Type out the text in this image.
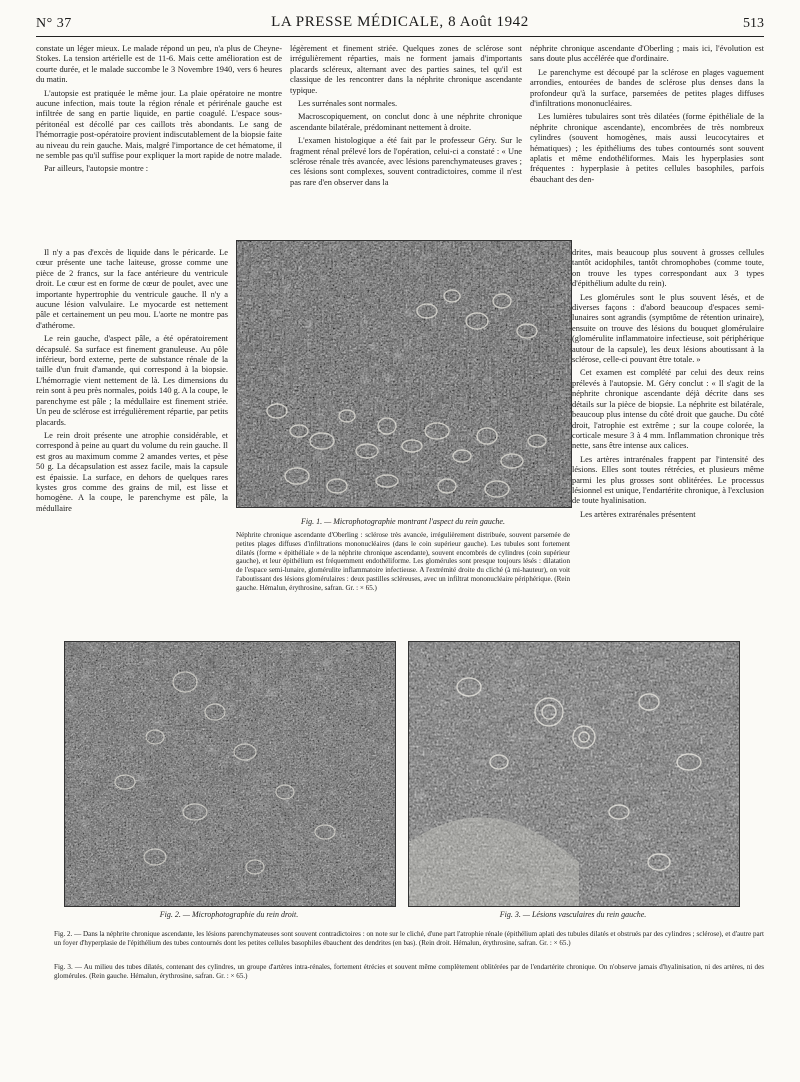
N° 37	LA PRESSE MÉDICALE, 8 Août 1942	513

constate un léger mieux. Le malade répond un peu, n'a plus de Cheyne-Stokes. La tension artérielle est de 11-6. Mais cette amélioration est de courte durée, et le malade succombe le 3 Novembre 1940, vers 6 heures du matin.

L'autopsie est pratiquée le même jour. La plaie opératoire ne montre aucune infection, mais toute la région rénale et périrénale gauche est infiltrée de sang en partie liquide, en partie coagulé. L'espace sous-péritonéal est décollé par ces caillots très abondants. Le sang de l'hémorragie post-opératoire provient indiscutablement de la biopsie faite au niveau du rein gauche. Mais, malgré l'importance de cet hématome, il ne semble pas qu'il suffise pour expliquer la mort rapide de notre malade.

Par ailleurs, l'autopsie montre :

Il n'y a pas d'excès de liquide dans le péricarde. Le cœur présente une tache laiteuse, grosse comme une pièce de 2 francs, sur la face antérieure du ventricule droit. Le cœur est en forme de cœur de poulet, avec une importante hypertrophie du ventricule gauche. Il n'y a aucune lésion valvulaire. Le myocarde est nettement pâle et certainement un peu mou. L'aorte ne montre pas d'athérome.

Le rein gauche, d'aspect pâle, a été opératoirement décapsulé. Sa surface est finement granuleuse. Au pôle inférieur, bord externe, perte de substance rénale de la taille d'un fruit d'amande, qui correspond à la biopsie. L'hémorragie vient nettement de là. Les dimensions du rein sont à peu près normales, poids 140 g. A la coupe, le parenchyme est pâle ; la médullaire est finement striée. Un peu de sclérose est irrégulièrement répartie, par petits placards.

Le rein droit présente une atrophie considérable, et correspond à peine au quart du volume du rein gauche. Il est gros au maximum comme 2 amandes vertes, et pèse 50 g. La décapsulation est assez facile, mais la capsule est épaissie. La surface, en dehors de quelques rares kystes gros comme des grains de mil, est lisse et homogène. A la coupe, le parenchyme est pâle, la médullaire

légèrement et finement striée. Quelques zones de sclérose sont irrégulièrement réparties, mais ne forment jamais d'importants placards scléreux, alternant avec des parties saines, tel qu'il est classique de les rencontrer dans la néphrite chronique ascendante typique.

Les surrénales sont normales.

Macroscopiquement, on conclut donc à une néphrite chronique ascendante bilatérale, prédominant nettement à droite.

L'examen histologique a été fait par le professeur Géry. Sur le fragment rénal prélevé lors de l'opération, celui-ci a constaté : « Une sclérose rénale très avancée, avec lésions parenchymateuses graves ; ces lésions sont complexes, souvent contradictoires, comme il n'est pas rare d'en observer dans la

néphrite chronique ascendante d'Oberling ; mais ici, l'évolution est sans doute plus accélérée que d'ordinaire.

Le parenchyme est découpé par la sclérose en plages vaguement arrondies, entourées de bandes de sclérose plus denses dans la profondeur qu'à la surface, parsemées de petites plages diffuses d'infiltrations mononucléaires.

Les lumières tubulaires sont très dilatées (forme épithéliale de la néphrite chronique ascendante), encombrées de très nombreux cylindres (souvent homogènes, mais aussi leucocytaires et hématiques) ; les épithéliums des tubes contournés sont souvent aplatis et même endothéliformes. Mais les hyperplasies sont fréquentes : hyperplasie à petites cellules basophiles, parfois ébauchant des den-

drites, mais beaucoup plus souvent à grosses cellules tantôt acidophiles, tantôt chromophobes (comme toute, on trouve les types correspondant aux 3 types d'épithélium adulte du rein).

Les glomérules sont le plus souvent lésés, et de diverses façons : d'abord beaucoup d'espaces semi-lunaires sont agrandis (symptôme de rétention urinaire), ensuite on trouve des lésions du bouquet glomérulaire (glomérulite inflammatoire infectieuse, soit périphérique autour de la capsule), les deux lésions aboutissant à la sclérose, celle-ci pouvant être totale. »

Cet examen est complété par celui des deux reins prélevés à l'autopsie. M. Géry conclut : « Il s'agit de la néphrite chronique ascendante déjà décrite dans ses détails sur la pièce de biopsie. La néphrite est bilatérale, beaucoup plus intense du côté droit que gauche. Du côté droit, l'atrophie est extrême ; sur la coupe colorée, la corticale mesure 3 à 4 mm. Inflammation chronique très nette, sans être intense aux calices.

Les artères intrarénales frappent par l'intensité des lésions. Elles sont toutes rétrécies, et plusieurs même parmi les plus grosses sont oblitérées. Le processus lésionnel est unique, l'endartérite chronique, à l'exclusion de toute hyalinisation.

Les artères extrarénales présentent

Fig. 1. — Microphotographie montrant l'aspect du rein gauche.
Néphrite chronique ascendante d'Oberling : sclérose très avancée, irrégulièrement distribuée, souvent parsemée de petites plages diffuses d'infiltrations mononucléaires (dans le coin supérieur gauche). Les tubules sont fortement dilatés (forme « épithéliale » de la néphrite chronique ascendante), souvent encombrés de cylindres (coin supérieur gauche), et leur épithélium est fréquemment endothéliforme. Les glomérules sont presque toujours lésés : dilatation de l'espace semi-lunaire, glomérulite inflammatoire infectieuse. A l'extrémité droite du cliché (à mi-hauteur), on voit l'aboutissant des lésions glomérulaires : deux pastilles scléreuses, avec un infiltrat mononucléaire périphérique. (Rein gauche. Hémalun, érythrosine, safran. Gr. : × 65.)
Fig. 2. — Microphotographie du rein droit.	Fig. 3. — Lésions vasculaires du rein gauche.
Fig. 2. — Dans la néphrite chronique ascendante, les lésions parenchymateuses sont souvent contradictoires : on note sur le cliché, d'une part l'atrophie rénale (épithélium aplati des tubules dilatés et obstrués par des cylindres ; sclérose), et d'autre part un foyer d'hyperplasie de l'épithélium des tubes contournés dont les petites cellules basophiles ébauchent des dendrites (en bas). (Rein droit. Hémalun, érythrosine, safran. Gr. : × 65.)
Fig. 3. — Au milieu des tubes dilatés, contenant des cylindres, un groupe d'artères intra-rénales, fortement étrécies et souvent même complètement oblitérées par de l'endartérite chronique. On n'observe jamais d'hyalinisation, ni des artères, ni des glomérules. (Rein gauche. Hémalun, érythrosine, safran. Gr. : × 65.)
